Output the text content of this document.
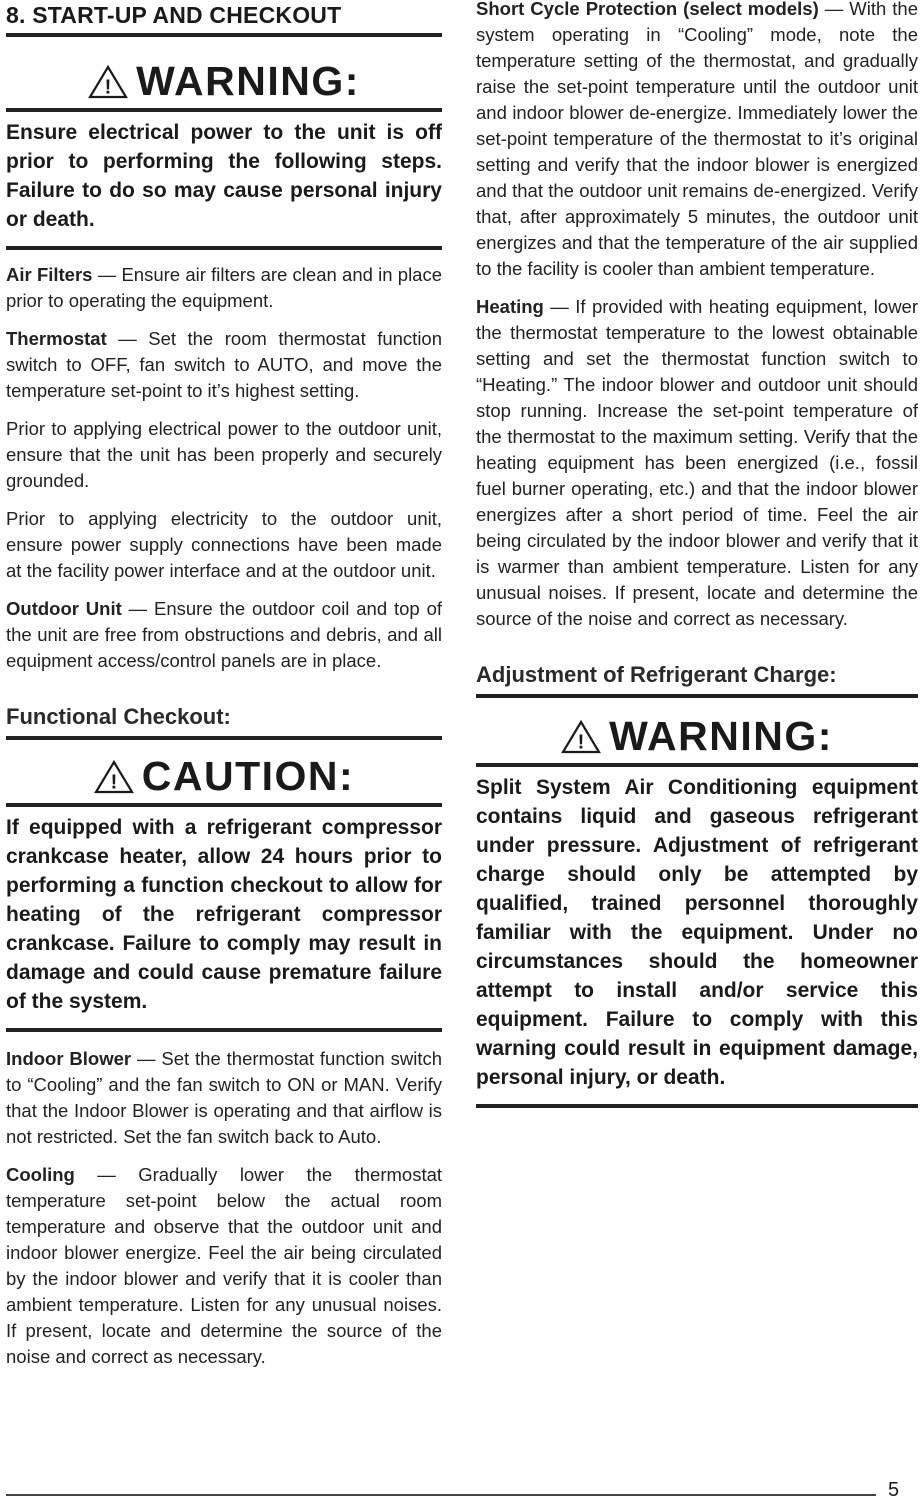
8. START-UP AND CHECKOUT
! WARNING:
Ensure electrical power to the unit is off prior to performing the following steps. Failure to do so may cause personal injury or death.

Air Filters — Ensure air filters are clean and in place prior to operating the equipment.

Thermostat — Set the room thermostat function switch to OFF, fan switch to AUTO, and move the temperature set-point to it’s highest setting.

Prior to applying electrical power to the outdoor unit, ensure that the unit has been properly and securely grounded.

Prior to applying electricity to the outdoor unit, ensure power supply connections have been made at the facility power interface and at the outdoor unit.

Outdoor Unit — Ensure the outdoor coil and top of the unit are free from obstructions and debris, and all equipment access/control panels are in place.

Functional Checkout:
! CAUTION:
If equipped with a refrigerant compressor crankcase heater, allow 24 hours prior to performing a function checkout to allow for heating of the refrigerant compressor crankcase. Failure to comply may result in damage and could cause premature failure of the system.

Indoor Blower — Set the thermostat function switch to “Cooling” and the fan switch to ON or MAN. Verify that the Indoor Blower is operating and that airflow is not restricted. Set the fan switch back to Auto.

Cooling — Gradually lower the thermostat temperature set-point below the actual room temperature and observe that the outdoor unit and indoor blower energize. Feel the air being circulated by the indoor blower and verify that it is cooler than ambient temperature. Listen for any unusual noises. If present, locate and determine the source of the noise and correct as necessary.

Short Cycle Protection (select models) — With the system operating in “Cooling” mode, note the temperature setting of the thermostat, and gradually raise the set-point temperature until the outdoor unit and indoor blower de-energize. Immediately lower the set-point temperature of the thermostat to it’s original setting and verify that the indoor blower is energized and that the outdoor unit remains de-energized. Verify that, after approximately 5 minutes, the outdoor unit energizes and that the temperature of the air supplied to the facility is cooler than ambient temperature.

Heating — If provided with heating equipment, lower the thermostat temperature to the lowest obtainable setting and set the thermostat function switch to “Heating.” The indoor blower and outdoor unit should stop running. Increase the set-point temperature of the thermostat to the maximum setting. Verify that the heating equipment has been energized (i.e., fossil fuel burner operating, etc.) and that the indoor blower energizes after a short period of time. Feel the air being circulated by the indoor blower and verify that it is warmer than ambient temperature. Listen for any unusual noises. If present, locate and determine the source of the noise and correct as necessary.

Adjustment of Refrigerant Charge:
! WARNING:
Split System Air Conditioning equipment contains liquid and gaseous refrigerant under pressure. Adjustment of refrigerant charge should only be attempted by qualified, trained personnel thoroughly familiar with the equipment. Under no circumstances should the homeowner attempt to install and/or service this equipment. Failure to comply with this warning could result in equipment damage, personal injury, or death.
5
